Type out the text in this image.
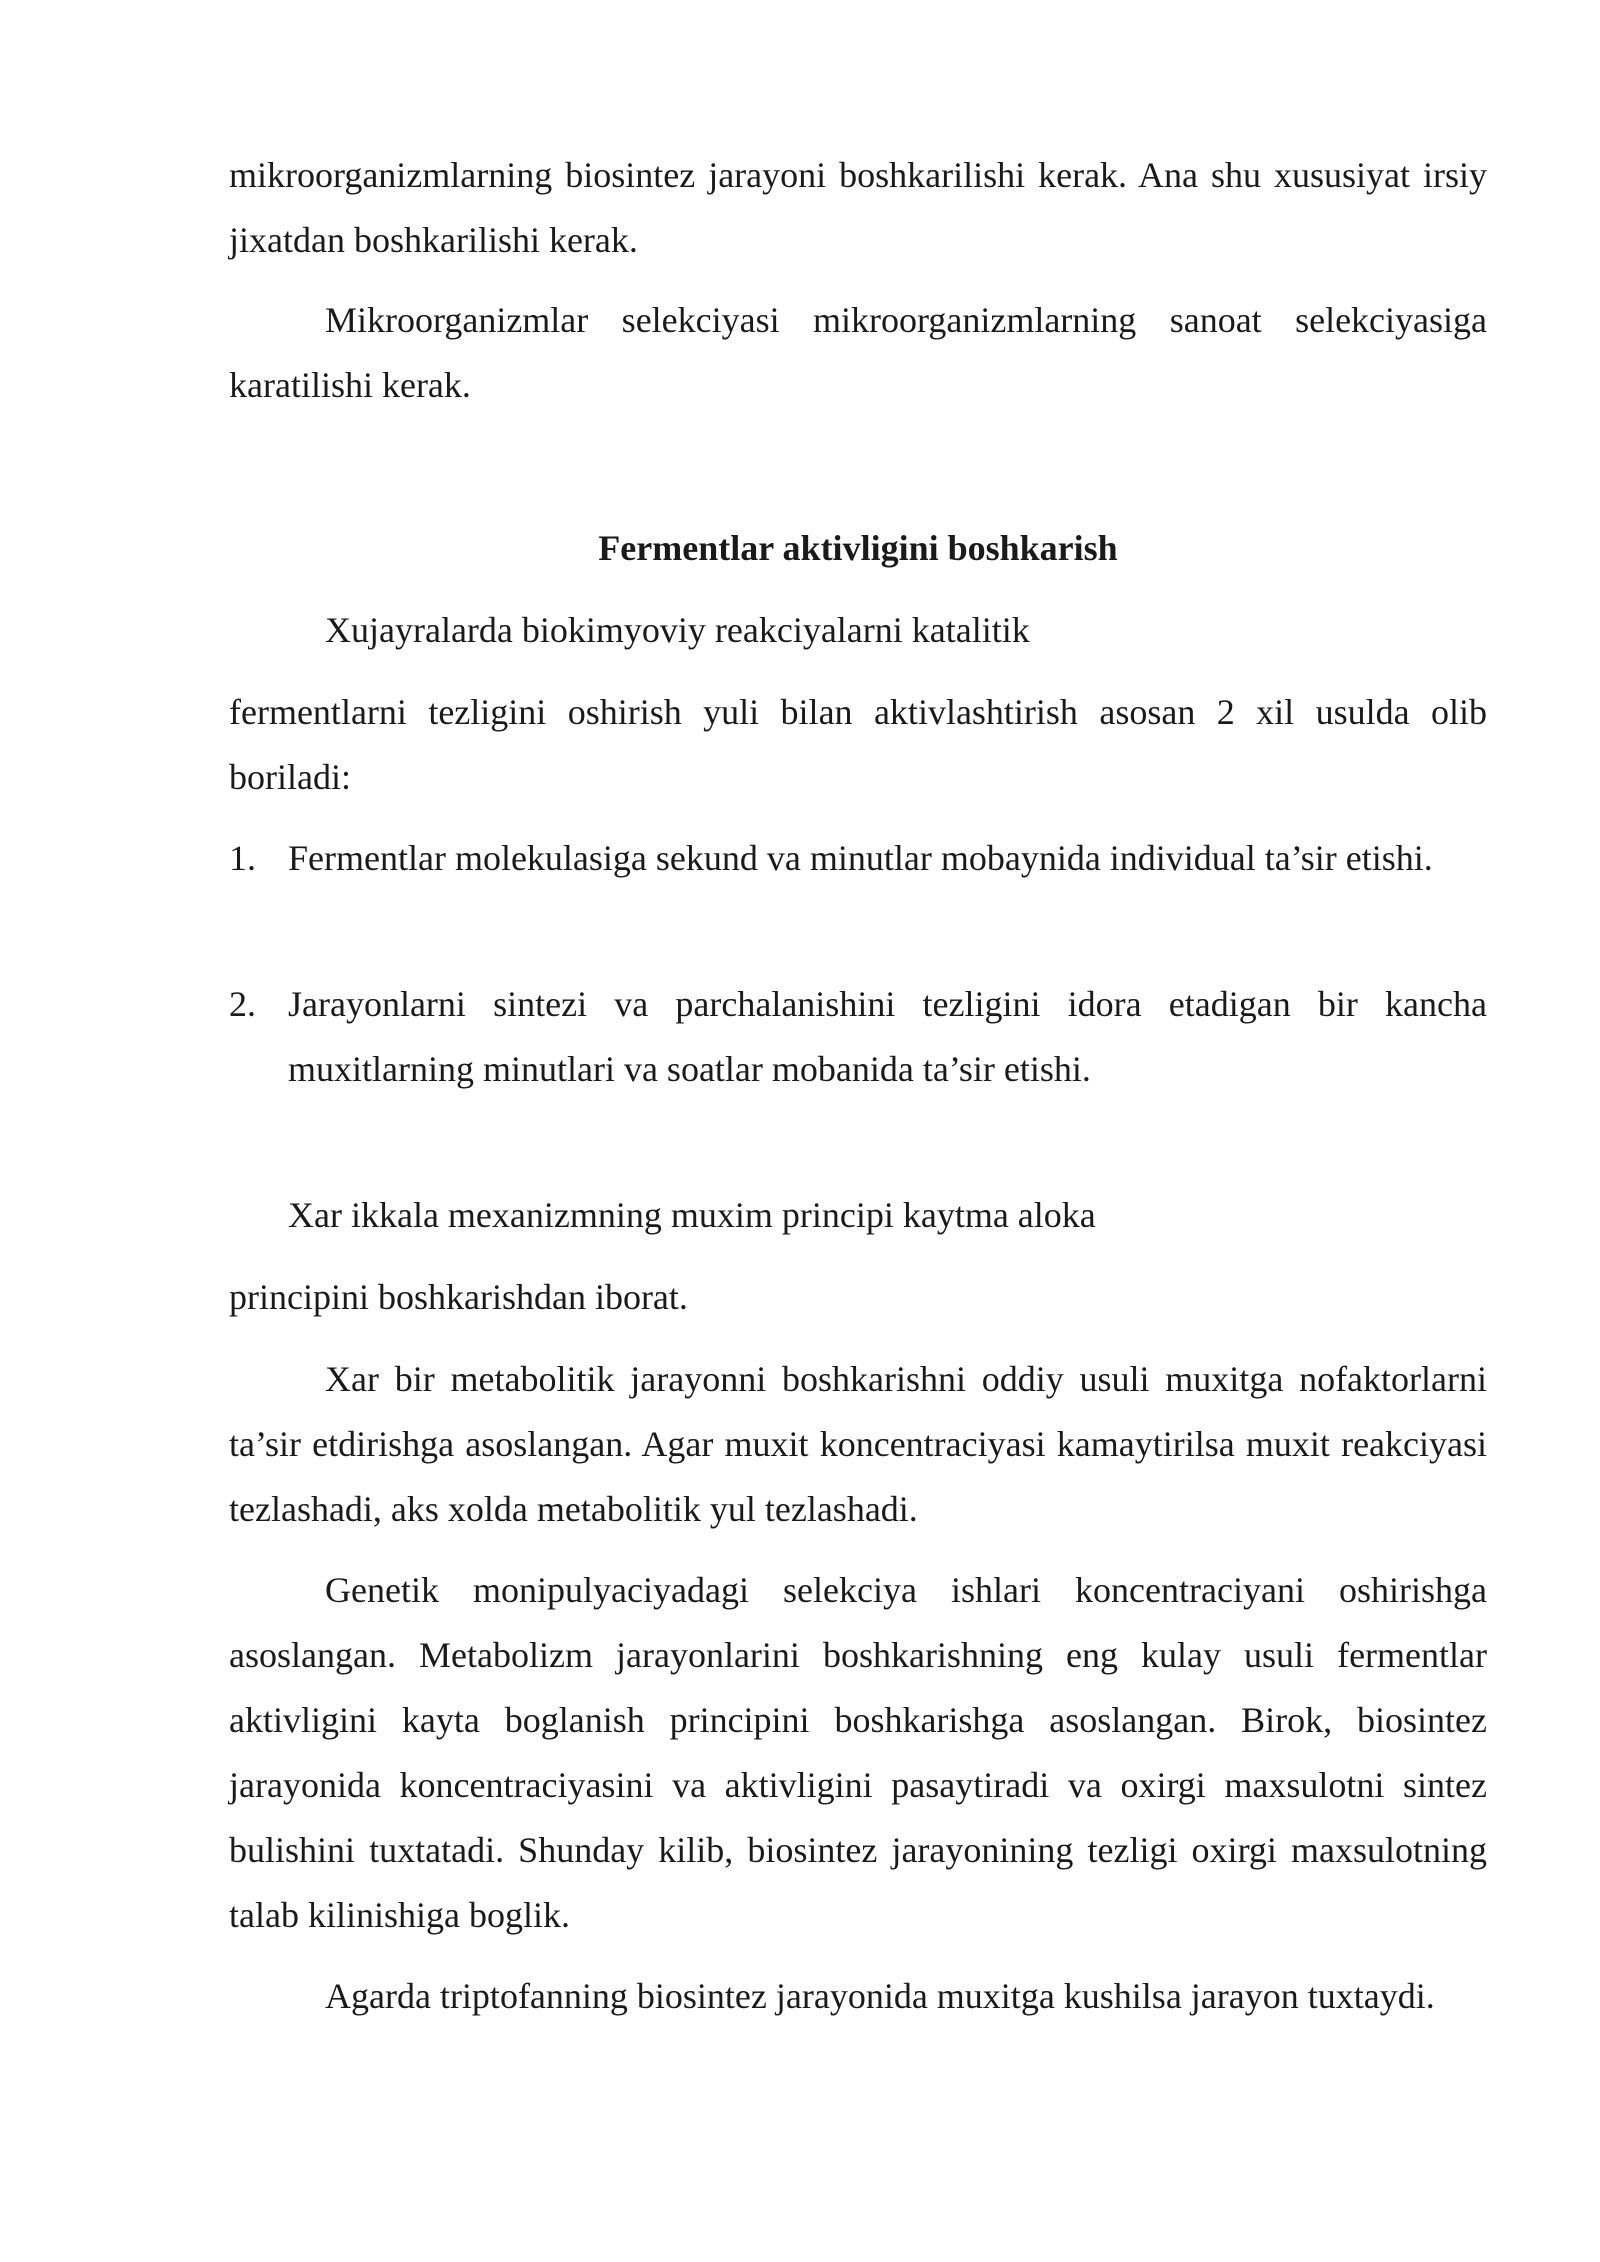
mikroorganizmlarning biosintez jarayoni boshkarilishi kerak. Ana shu xususiyat irsiy jixatdan boshkarilishi kerak.

Mikroorganizmlar selekciyasi mikroorganizmlarning sanoat selekciyasiga karatilishi kerak.

Fermentlar aktivligini boshkarish

Xujayralarda biokimyoviy reakciyalarni katalitik

fermentlarni tezligini oshirish yuli bilan aktivlashtirish asosan 2 xil usulda olib boriladi:

1. Fermentlar molekulasiga sekund va minutlar mobaynida individual ta’sir etishi.
2. Jarayonlarni sintezi va parchalanishini tezligini idora etadigan bir kancha muxitlarning minutlari va soatlar mobanida ta’sir etishi.

Xar ikkala mexanizmning muxim principi kaytma aloka

principini boshkarishdan iborat.

Xar bir metabolitik jarayonni boshkarishni oddiy usuli muxitga nofaktorlarni ta’sir etdirishga asoslangan. Agar muxit koncentraciyasi kamaytirilsa muxit reakciyasi tezlashadi, aks xolda metabolitik yul tezlashadi.

Genetik monipulyaciyadagi selekciya ishlari koncentraciyani oshirishga asoslangan. Metabolizm jarayonlarini boshkarishning eng kulay usuli fermentlar aktivligini kayta boglanish principini boshkarishga asoslangan. Birok, biosintez jarayonida koncentraciyasini va aktivligini pasaytiradi va oxirgi maxsulotni sintez bulishini tuxtatadi. Shunday kilib, biosintez jarayonining tezligi oxirgi maxsulotning talab kilinishiga boglik.

Agarda triptofanning biosintez jarayonida muxitga kushilsa jarayon tuxtaydi.
